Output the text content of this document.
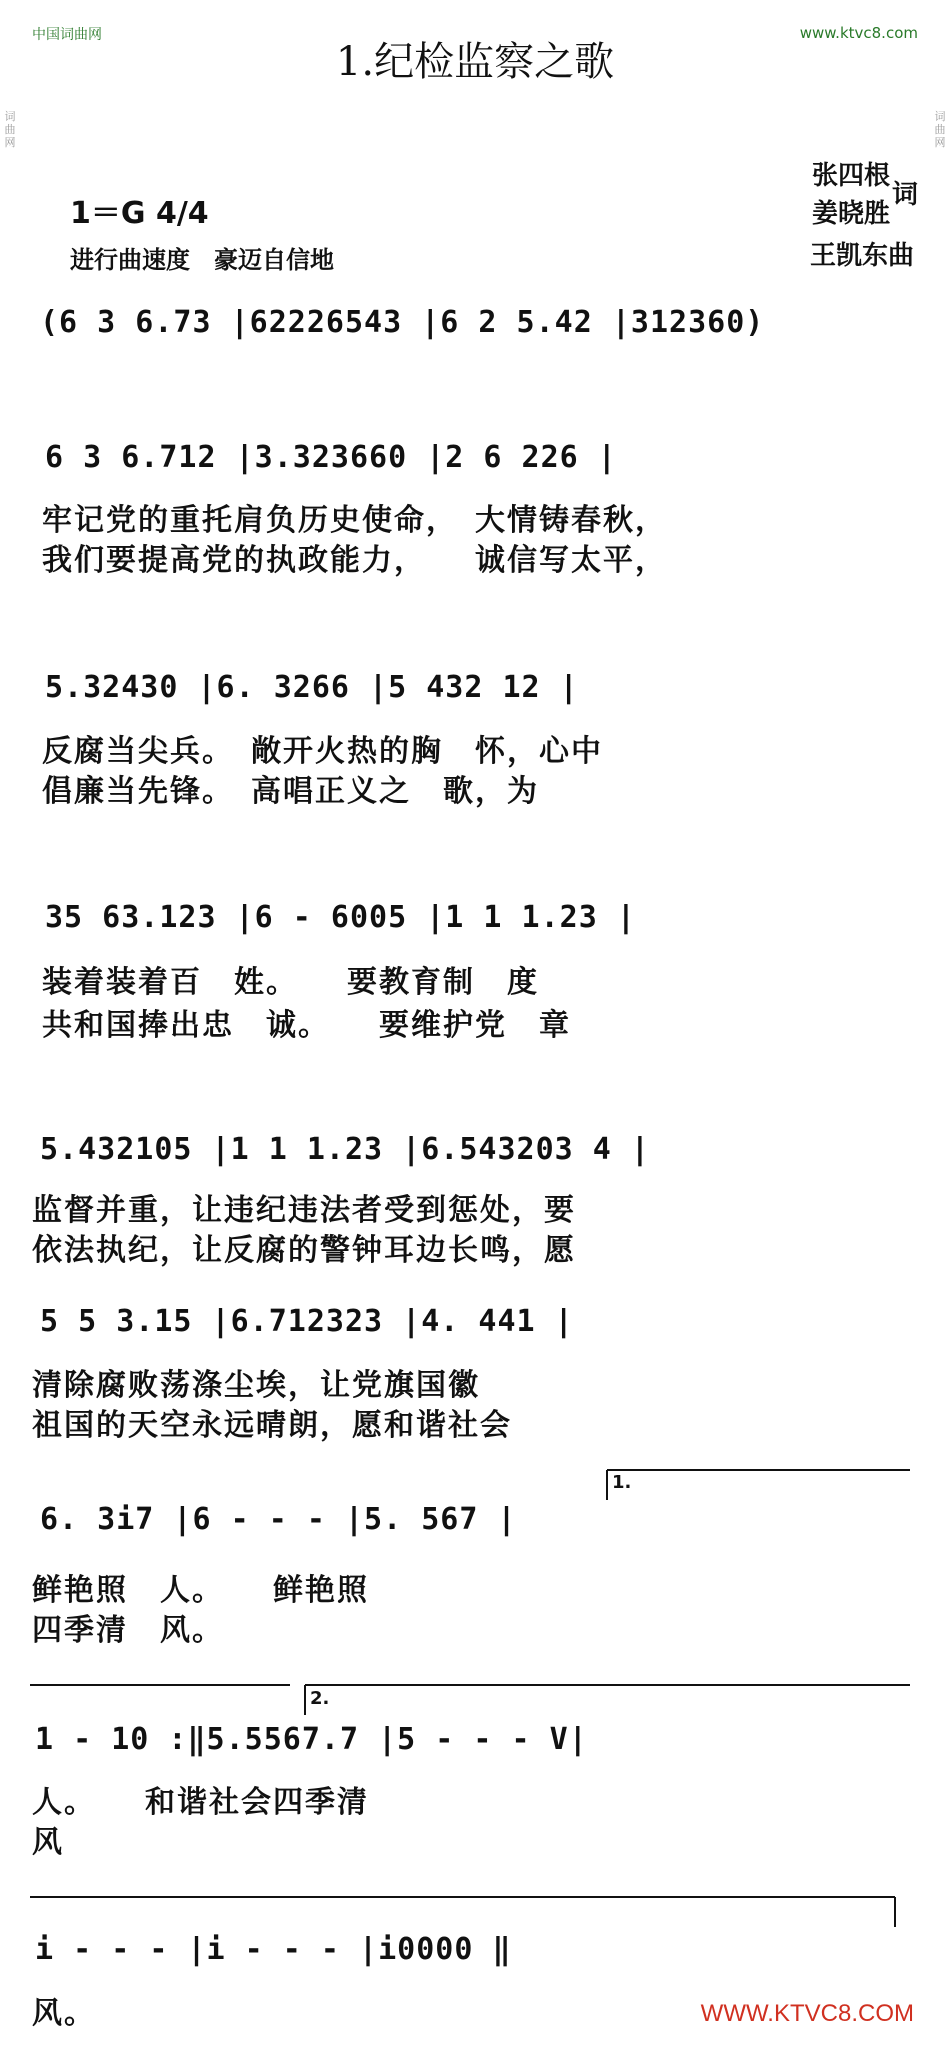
中国词曲网	www.ktvc8.com
1.纪检监察之歌
张四根
姜晓胜
词
王凯东曲
1＝G 4/4
进行曲速度　豪迈自信地
词曲网
词曲网
(6 3 6.73 |62226543 |6 2 5.42 |312360)
6 3 6.712 |3.323660 |2 6 226 |
牢记党的重托肩负历史使命，　大情铸春秋，
我们要提高党的执政能力，　　诚信写太平，
5.32430 |6. 3266 |5 432 12 |
反腐当尖兵。　敞开火热的胸　怀，心中
倡廉当先锋。　高唱正义之　歌，为
35 63.123 |6 - 6005 |1 1 1.23 |
装着装着百　姓。　　要教育制　度
共和国捧出忠　诚。　　要维护党　章
5.432105 |1 1 1.23 |6.543203 4 |
监督并重，让违纪违法者受到惩处，要
依法执纪，让反腐的警钟耳边长鸣，愿
5 5 3.15 |6.712323 |4. 441 |
清除腐败荡涤尘埃，让党旗国徽
祖国的天空永远晴朗，愿和谐社会
6. 3i7 |6 - - - |5. 567 |
鲜艳照　人。　　鲜艳照
四季清　风。
1.
1 - 10 :‖5.5567.7 |5 - - - V|
人。　　和谐社会四季清
风
2.
i - - - |i - - - |i0000 ‖
风。	WWW.KTVC8.COM
